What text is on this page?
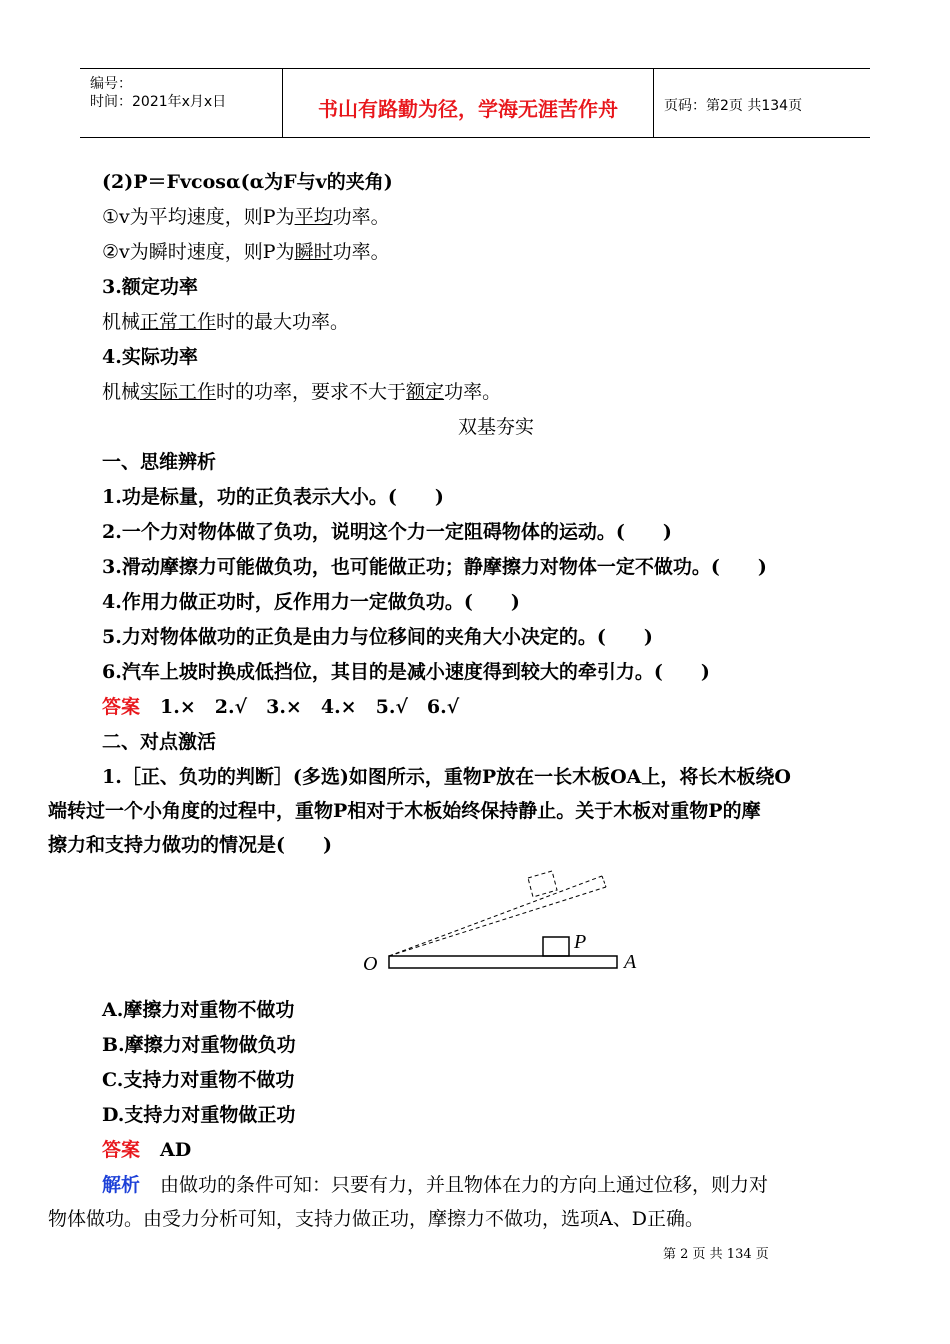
编号：
时间：2021年x月x日	书山有路勤为径，学海无涯苦作舟	页码：第2页 共134页
(2)P＝Fvcosα(α为F与v的夹角)
①v为平均速度，则P为平均功率。
②v为瞬时速度，则P为瞬时功率。
3.额定功率
机械正常工作时的最大功率。
4.实际功率
机械实际工作时的功率，要求不大于额定功率。
双基夯实
一、思维辨析
1.功是标量，功的正负表示大小。(　　)
2.一个力对物体做了负功，说明这个力一定阻碍物体的运动。(　　)
3.滑动摩擦力可能做负功，也可能做正功；静摩擦力对物体一定不做功。(　　)
4.作用力做正功时，反作用力一定做负功。(　　)
5.力对物体做功的正负是由力与位移间的夹角大小决定的。(　　)
6.汽车上坡时换成低挡位，其目的是减小速度得到较大的牵引力。(　　)
答案 1.×　2.√　3.×　4.×　5.√　6.√
二、对点激活
1.［正、负功的判断］(多选)如图所示，重物P放在一长木板OA上，将长木板绕O
端转过一个小角度的过程中，重物P相对于木板始终保持静止。关于木板对重物P的摩
擦力和支持力做功的情况是(　　)
A.摩擦力对重物不做功
B.摩擦力对重物做负功
C.支持力对重物不做功
D.支持力对重物做正功
答案 AD
解析 由做功的条件可知：只要有力，并且物体在力的方向上通过位移，则力对
物体做功。由受力分析可知，支持力做正功，摩擦力不做功，选项A、D正确。
O	A
P
第 2 页 共 134 页
